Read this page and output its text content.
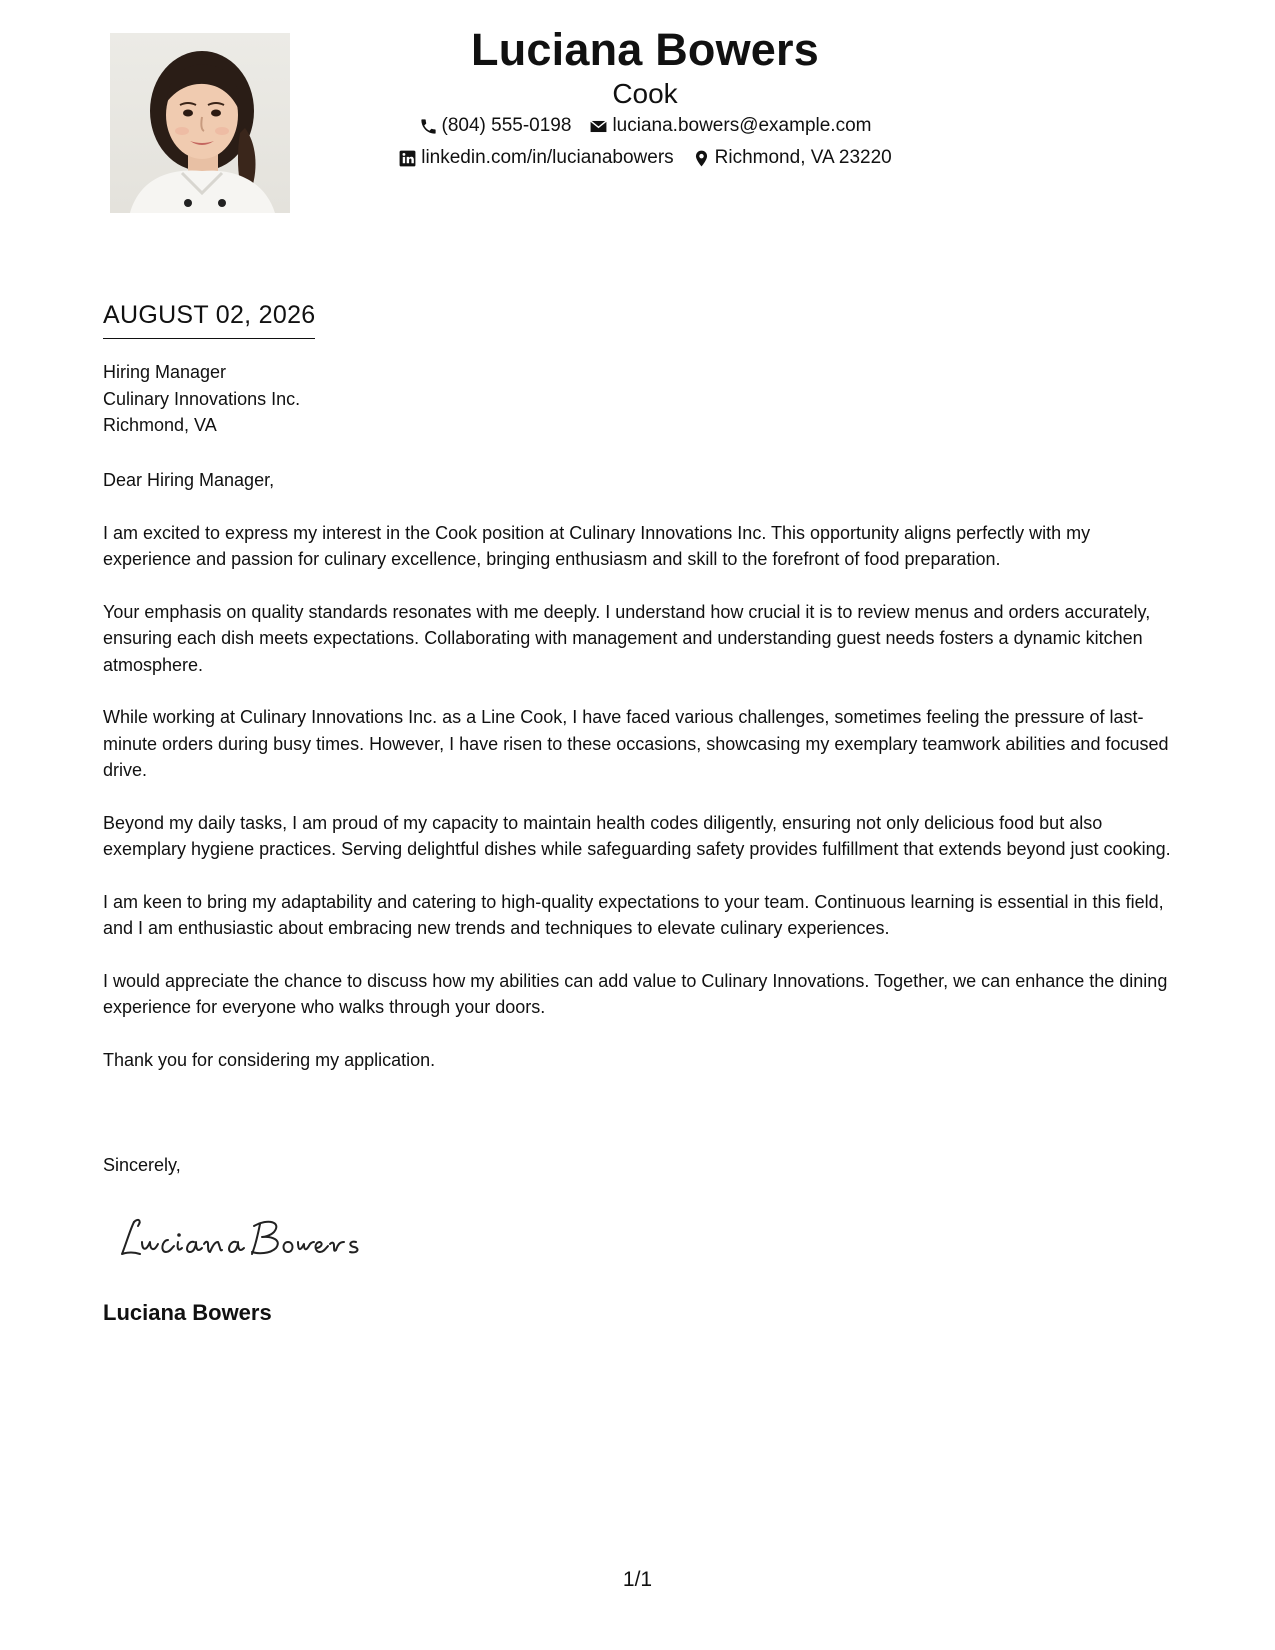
Luciana Bowers
Cook
(804) 555-0198 luciana.bowers@example.com
linkedin.com/in/lucianabowers Richmond, VA 23220
AUGUST 02, 2026
Hiring Manager
Culinary Innovations Inc.
Richmond, VA

Dear Hiring Manager,

I am excited to express my interest in the Cook position at Culinary Innovations Inc. This opportunity aligns perfectly with my experience and passion for culinary excellence, bringing enthusiasm and skill to the forefront of food preparation.

Your emphasis on quality standards resonates with me deeply. I understand how crucial it is to review menus and orders accurately, ensuring each dish meets expectations. Collaborating with management and understanding guest needs fosters a dynamic kitchen atmosphere.

While working at Culinary Innovations Inc. as a Line Cook, I have faced various challenges, sometimes feeling the pressure of last-minute orders during busy times. However, I have risen to these occasions, showcasing my exemplary teamwork abilities and focused drive.

Beyond my daily tasks, I am proud of my capacity to maintain health codes diligently, ensuring not only delicious food but also exemplary hygiene practices. Serving delightful dishes while safeguarding safety provides fulfillment that extends beyond just cooking.

I am keen to bring my adaptability and catering to high-quality expectations to your team. Continuous learning is essential in this field, and I am enthusiastic about embracing new trends and techniques to elevate culinary experiences.

I would appreciate the chance to discuss how my abilities can add value to Culinary Innovations. Together, we can enhance the dining experience for everyone who walks through your doors.

Thank you for considering my application.

Sincerely,
Luciana Bowers
1/1
